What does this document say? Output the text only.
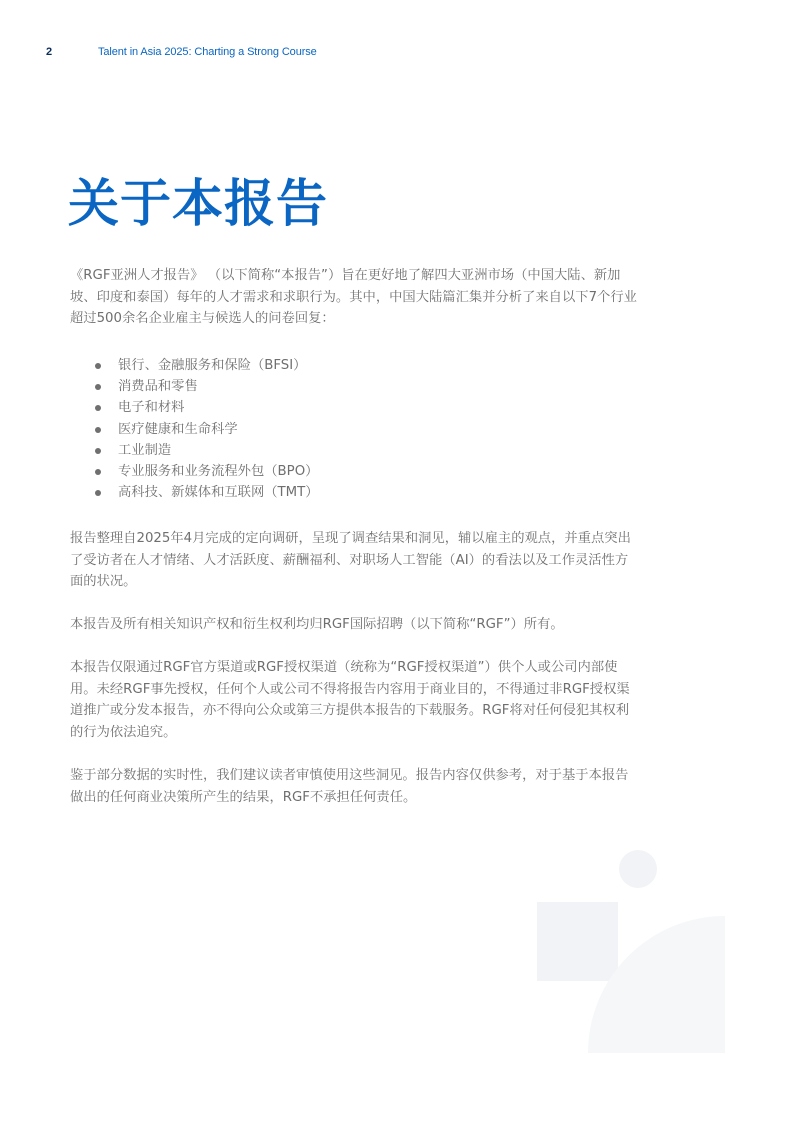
2	Talent in Asia 2025: Charting a Strong Course
关于本报告

《RGF亚洲人才报告》 （以下简称“本报告”）旨在更好地了解四大亚洲市场（中国大陆、新加坡、印度和泰国）每年的人才需求和求职行为。其中，中国大陆篇汇集并分析了来自以下7个行业超过500余名企业雇主与候选人的问卷回复：

银行、金融服务和保险（BFSI）
消费品和零售
电子和材料
医疗健康和生命科学
工业制造
专业服务和业务流程外包（BPO）
高科技、新媒体和互联网（TMT）

报告整理自2025年4月完成的定向调研，呈现了调查结果和洞见，辅以雇主的观点，并重点突出了受访者在人才情绪、人才活跃度、薪酬福利、对职场人工智能（AI）的看法以及工作灵活性方面的状况。

本报告及所有相关知识产权和衍生权利均归RGF国际招聘（以下简称“RGF”）所有。

本报告仅限通过RGF官方渠道或RGF授权渠道（统称为“RGF授权渠道”）供个人或公司内部使用。未经RGF事先授权，任何个人或公司不得将报告内容用于商业目的，不得通过非RGF授权渠道推广或分发本报告，亦不得向公众或第三方提供本报告的下载服务。RGF将对任何侵犯其权利的行为依法追究。

鉴于部分数据的实时性，我们建议读者审慎使用这些洞见。报告内容仅供参考，对于基于本报告做出的任何商业决策所产生的结果，RGF不承担任何责任。
